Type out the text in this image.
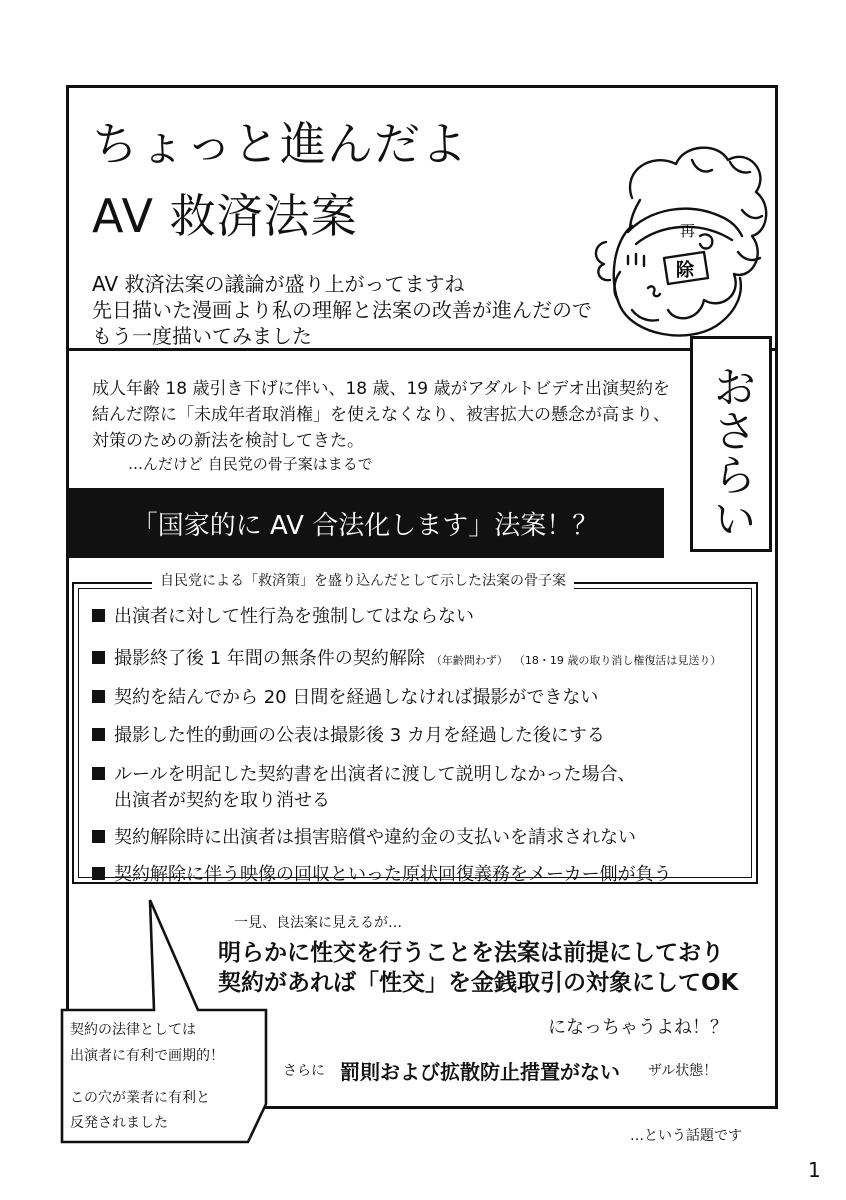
ちょっと進んだよ
AV 救済法案
AV 救済法案の議論が盛り上がってますね
先日描いた漫画より私の理解と法案の改善が進んだので
もう一度描いてみました
再
除
おさらい
成人年齢 18 歳引き下げに伴い、18 歳、19 歳がアダルトビデオ出演契約を
結んだ際に「未成年者取消権」を使えなくなり、被害拡大の懸念が高まり、
対策のための新法を検討してきた。
…んだけど 自民党の骨子案はまるで
「国家的に AV 合法化します」法案！？
自民党による「救済策」を盛り込んだとして示した法案の骨子案
出演者に対して性行為を強制してはならない
撮影終了後 1 年間の無条件の契約解除 （年齢問わず） （18・19 歳の取り消し権復活は見送り）
契約を結んでから 20 日間を経過しなければ撮影ができない
撮影した性的動画の公表は撮影後 3 カ月を経過した後にする
ルールを明記した契約書を出演者に渡して説明しなかった場合、
出演者が契約を取り消せる
契約解除時に出演者は損害賠償や違約金の支払いを請求されない
契約解除に伴う映像の回収といった原状回復義務をメーカー側が負う
一見、良法案に見えるが…
明らかに性交を行うことを法案は前提にしており
契約があれば「性交」を金銭取引の対象にしてOK
になっちゃうよね！？
さらに 罰則および拡散防止措置がない ザル状態！
契約の法律としては
出演者に有利で画期的！
この穴が業者に有利と
反発されました
…という話題です
1
